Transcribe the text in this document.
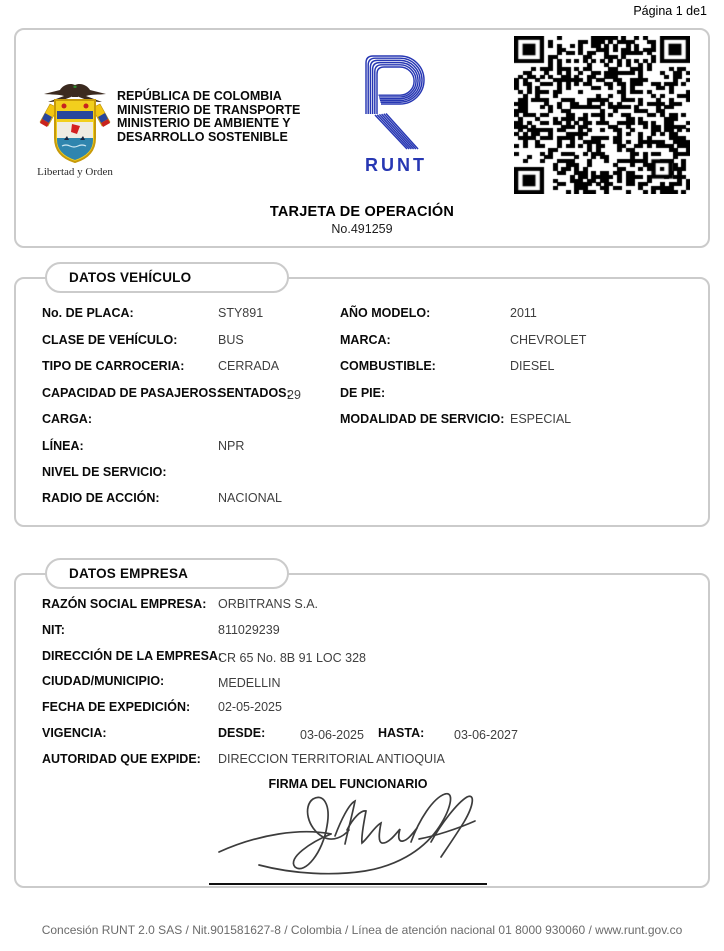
Página 1 de1
Libertad y Orden
REPÚBLICA DE COLOMBIA
MINISTERIO DE TRANSPORTE
MINISTERIO DE AMBIENTE Y
DESARROLLO SOSTENIBLE
RUNT
TARJETA DE OPERACIÓN
No.491259
DATOS VEHÍCULO
No. DE PLACA:	STY891	AÑO MODELO:	2011
CLASE DE VEHÍCULO:	BUS	MARCA:	CHEVROLET
TIPO DE CARROCERIA:	CERRADA	COMBUSTIBLE:	DIESEL
CAPACIDAD DE PASAJEROS:
SENTADOS:
29	DE PIE:
CARGA:	MODALIDAD DE SERVICIO: ESPECIAL
LÍNEA:	NPR
NIVEL DE SERVICIO:
RADIO DE ACCIÓN:	NACIONAL
DATOS EMPRESA
RAZÓN SOCIAL EMPRESA: ORBITRANS S.A.
NIT:	811029239
DIRECCIÓN DE LA EMPRESA:
CR 65 No. 8B 91 LOC 328
CIUDAD/MUNICIPIO:	MEDELLIN
FECHA DE EXPEDICIÓN: 02-05-2025
VIGENCIA:	DESDE:	03-06-2025 HASTA: 03-06-2027
AUTORIDAD QUE EXPIDE: DIRECCION TERRITORIAL ANTIOQUIA
FIRMA DEL FUNCIONARIO
Concesión RUNT 2.0 SAS / Nit.901581627-8 / Colombia / Línea de atención nacional 01 8000 930060 / www.runt.gov.co
